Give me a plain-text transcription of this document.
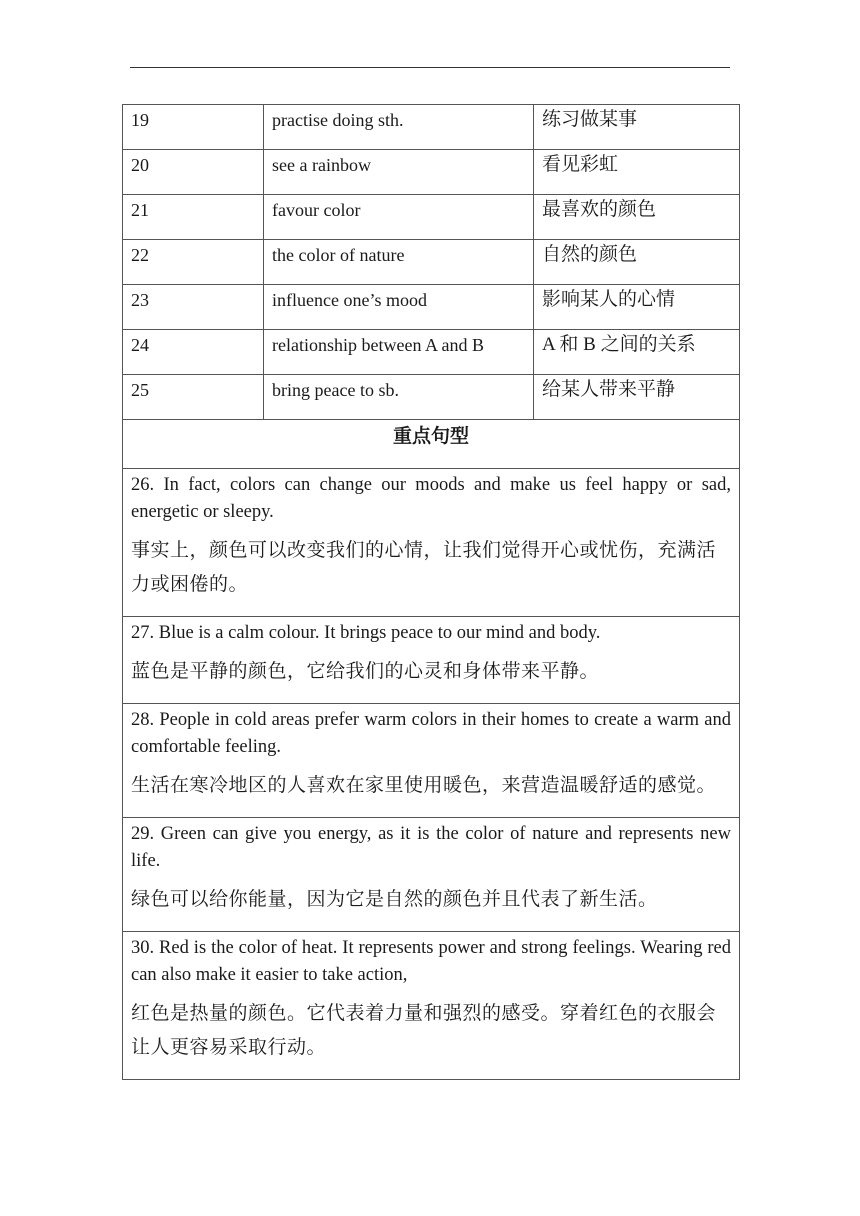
19	practise doing sth.	练习做某事

20	see a rainbow	看见彩虹

21	favour color	最喜欢的颜色

22	the color of nature	自然的颜色

23	influence one’s mood	影响某人的心情

24	relationship between A and B	A 和 B 之间的关系

25	bring peace to sb.	给某人带来平静

重点句型		

26. In fact, colors can change our moods and make us feel happy or sad, energetic or sleepy.

事实上，颜色可以改变我们的心情，让我们觉得开心或忧伤，充满活力或困倦的。		

27. Blue is a calm colour. It brings peace to our mind and body.

蓝色是平静的颜色，它给我们的心灵和身体带来平静。		

28. People in cold areas prefer warm colors in their homes to create a warm and comfortable feeling.

生活在寒冷地区的人喜欢在家里使用暖色，来营造温暖舒适的感觉。		

29. Green can give you energy, as it is the color of nature and represents new life.

绿色可以给你能量，因为它是自然的颜色并且代表了新生活。		

30. Red is the color of heat. It represents power and strong feelings. Wearing red can also make it easier to take action,

红色是热量的颜色。它代表着力量和强烈的感受。穿着红色的衣服会让人更容易采取行动。		
